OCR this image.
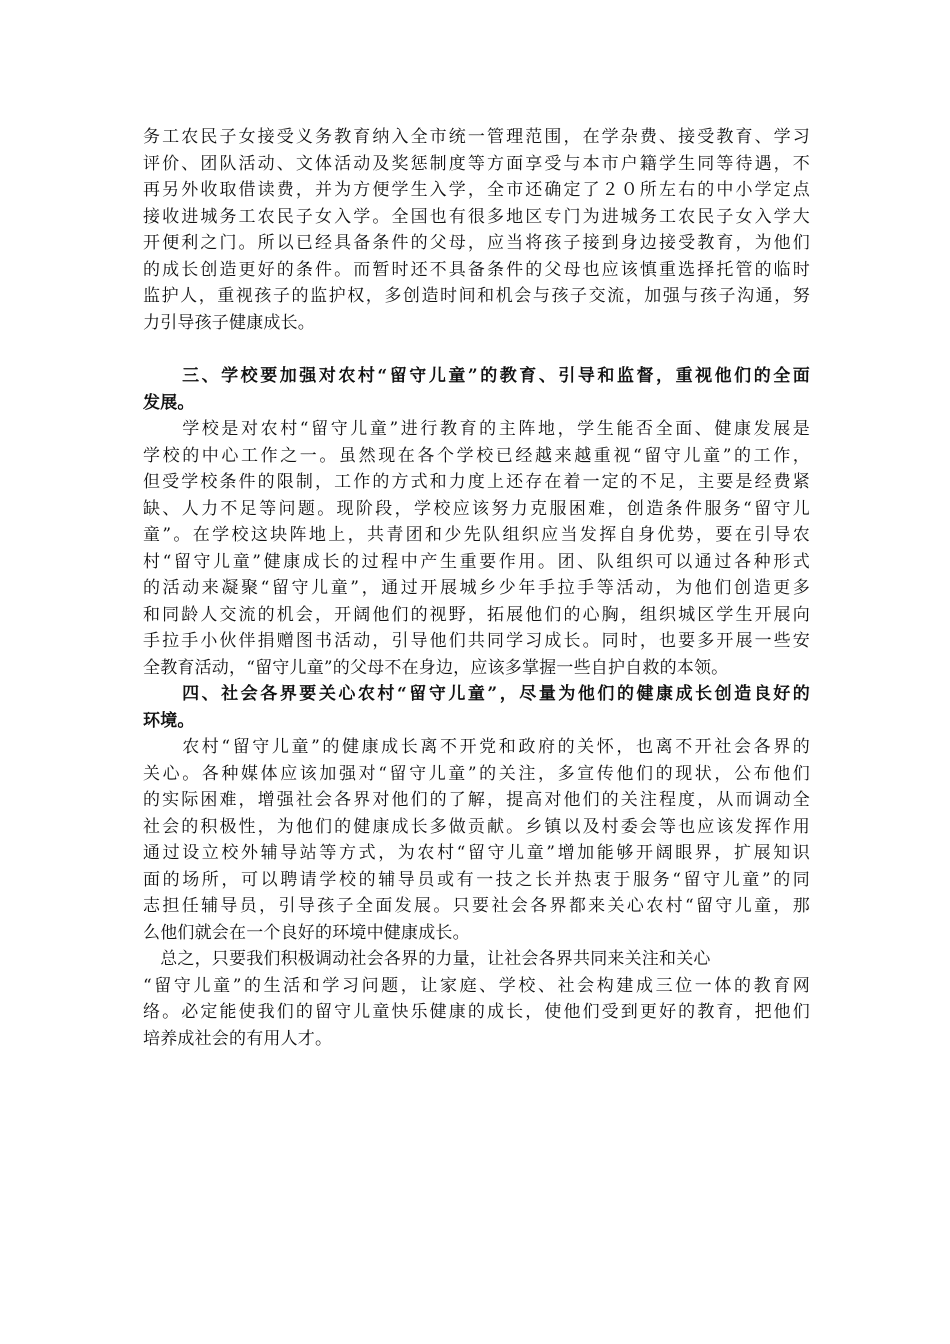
务工农民子女接受义务教育纳入全市统一管理范围，在学杂费、接受教育、学习
评价、团队活动、文体活动及奖惩制度等方面享受与本市户籍学生同等待遇，不
再另外收取借读费，并为方便学生入学，全市还确定了２０所左右的中小学定点
接收进城务工农民子女入学。全国也有很多地区专门为进城务工农民子女入学大
开便利之门。所以已经具备条件的父母，应当将孩子接到身边接受教育，为他们
的成长创造更好的条件。而暂时还不具备条件的父母也应该慎重选择托管的临时
监护人，重视孩子的监护权，多创造时间和机会与孩子交流，加强与孩子沟通，努
力引导孩子健康成长。
　　三、学校要加强对农村“留守儿童”的教育、引导和监督，重视他们的全面
发展。
　　学校是对农村“留守儿童”进行教育的主阵地，学生能否全面、健康发展是
学校的中心工作之一。虽然现在各个学校已经越来越重视“留守儿童”的工作，
但受学校条件的限制，工作的方式和力度上还存在着一定的不足，主要是经费紧
缺、人力不足等问题。现阶段，学校应该努力克服困难，创造条件服务“留守儿
童”。在学校这块阵地上，共青团和少先队组织应当发挥自身优势，要在引导农
村“留守儿童”健康成长的过程中产生重要作用。团、队组织可以通过各种形式
的活动来凝聚“留守儿童”，通过开展城乡少年手拉手等活动，为他们创造更多
和同龄人交流的机会，开阔他们的视野，拓展他们的心胸，组织城区学生开展向
手拉手小伙伴捐赠图书活动，引导他们共同学习成长。同时，也要多开展一些安
全教育活动，“留守儿童”的父母不在身边，应该多掌握一些自护自救的本领。
　　四、社会各界要关心农村“留守儿童”，尽量为他们的健康成长创造良好的
环境。
　　农村“留守儿童”的健康成长离不开党和政府的关怀，也离不开社会各界的
关心。各种媒体应该加强对“留守儿童”的关注，多宣传他们的现状，公布他们
的实际困难，增强社会各界对他们的了解，提高对他们的关注程度，从而调动全
社会的积极性，为他们的健康成长多做贡献。乡镇以及村委会等也应该发挥作用
通过设立校外辅导站等方式，为农村“留守儿童”增加能够开阔眼界，扩展知识
面的场所，可以聘请学校的辅导员或有一技之长并热衷于服务“留守儿童”的同
志担任辅导员，引导孩子全面发展。只要社会各界都来关心农村“留守儿童，那
么他们就会在一个良好的环境中健康成长。
　总之，只要我们积极调动社会各界的力量，让社会各界共同来关注和关心
“留守儿童”的生活和学习问题，让家庭、学校、社会构建成三位一体的教育网
络。必定能使我们的留守儿童快乐健康的成长，使他们受到更好的教育，把他们
培养成社会的有用人才。
